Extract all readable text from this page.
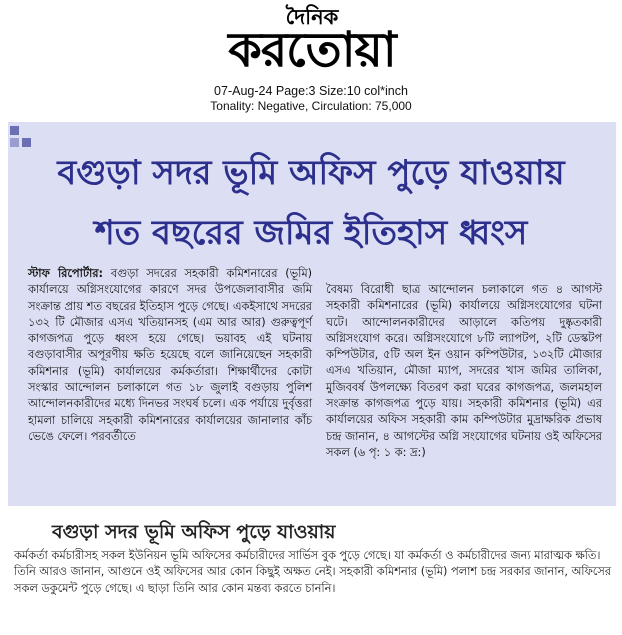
দৈনিক
করতোয়া
07-Aug-24 Page:3 Size:10 col*inch
Tonality: Negative, Circulation: 75,000
বগুড়া সদর ভূমি অফিস পুড়ে যাওয়ায়
শত বছরের জমির ইতিহাস ধ্বংস

স্টাফ রিপোর্টার: বগুড়া সদরের সহকারী কমিশনারের (ভূমি) কার্যালয়ে অগ্নিসংযোগের কারণে সদর উপজেলাবাসীর জমি সংক্রান্ত প্রায় শত বছরের ইতিহাস পুড়ে গেছে। একইসাথে সদরের ১৩২ টি মৌজার এসএ খতিয়ানসহ (এম আর আর) গুরুত্বপূর্ণ কাগজপত্র পুড়ে ধ্বংস হয়ে গেছে। ভয়াবহ এই ঘটনায় বগুড়াবাসীর অপূরণীয় ক্ষতি হয়েছে বলে জানিয়েছেন সহকারী কমিশনার (ভূমি) কার্যালয়ের কর্মকর্তারা। শিক্ষার্থীদের কোটা সংস্কার আন্দোলন চলাকালে গত ১৮ জুলাই বগুড়ায় পুলিশ আন্দোলনকারীদের মধ্যে দিনভর সংঘর্ষ চলে। এক পর্যায়ে দুর্বৃত্তরা হামলা চালিয়ে সহকারী কমিশনারের কার্যালয়ের জানালার কাঁচ ভেঙে ফেলে। পরবর্তীতে

বৈষম্য বিরোধী ছাত্র আন্দোলন চলাকালে গত ৪ আগস্ট সহকারী কমিশনারের (ভূমি) কার্যালয়ে অগ্নিসংযোগের ঘটনা ঘটে। আন্দোলনকারীদের আড়ালে কতিপয় দুষ্কৃতকারী অগ্নিসংযোগ করে। অগ্নিসংযোগে ৮টি ল্যাপটপ, ২টি ডেস্কটপ কম্পিউটার, ৫টি অল ইন ওয়ান কম্পিউটার, ১৩২টি মৌজার এসএ খতিয়ান, মৌজা ম্যাপ, সদরের খাস জমির তালিকা, মুজিববর্ষ উপলক্ষ্যে বিতরণ করা ঘরের কাগজপত্র, জলমহাল সংক্রান্ত কাগজপত্র পুড়ে যায়। সহকারী কমিশনার (ভূমি) এর কার্যালয়ের অফিস সহকারী কাম কম্পিউটার মুদ্রাক্ষরিক প্রভাষ চন্দ্র জানান, ৪ আগস্টের অগ্নি সংযোগের ঘটনায় ওই অফিসের সকল (৬ পৃ: ১ ক: দ্র:)

বগুড়া সদর ভূমি অফিস পুড়ে যাওয়ায়

কর্মকর্তা কর্মচারীসহ সকল ইউনিয়ন ভূমি অফিসের কর্মচারীদের সার্ভিস বুক পুড়ে গেছে। যা কর্মকর্তা ও কর্মচারীদের জন্য মারাত্মক ক্ষতি। তিনি আরও জানান, আগুনে ওই অফিসের আর কোন কিছুই অক্ষত নেই। সহকারী কমিশনার (ভূমি) পলাশ চন্দ্র সরকার জানান, অফিসের সকল ডকুমেন্ট পুড়ে গেছে। এ ছাড়া তিনি আর কোন মন্তব্য করতে চাননি।
